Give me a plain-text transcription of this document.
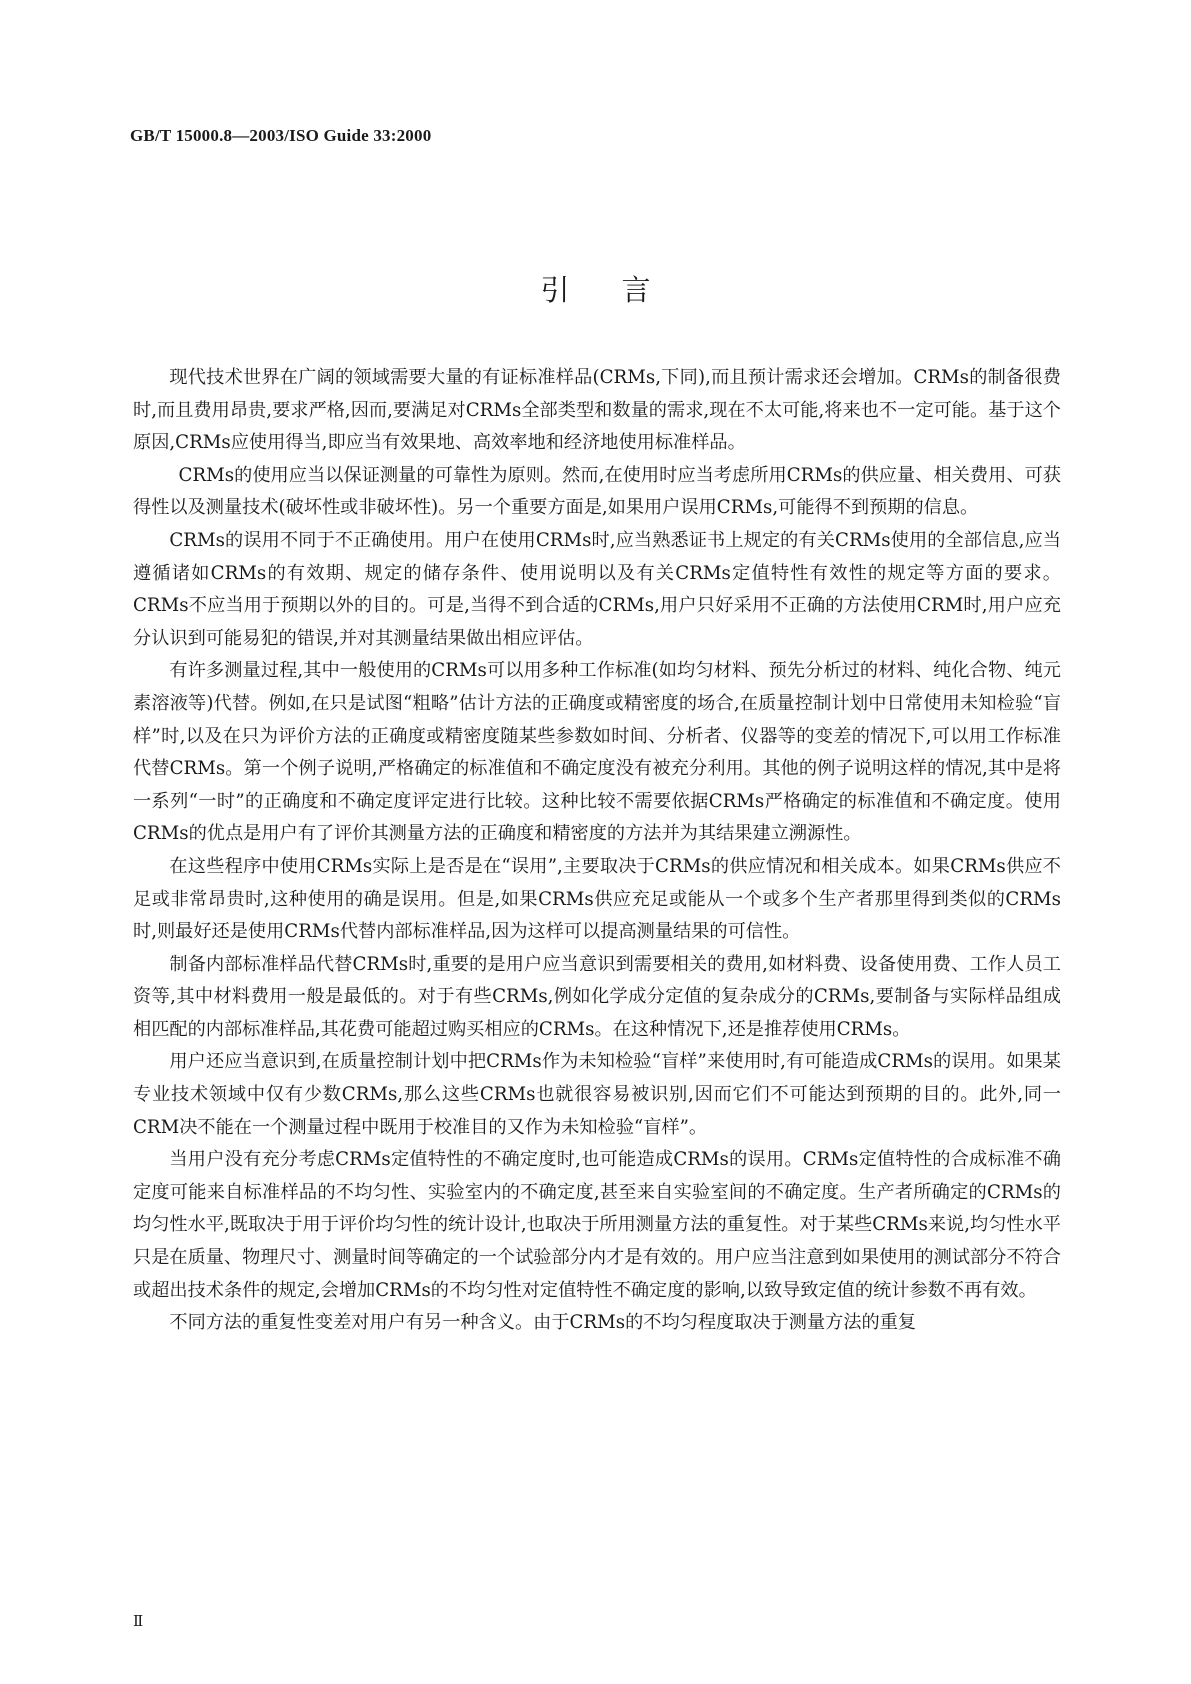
GB/T 15000.8—2003/ISO Guide 33:2000
引言

现代技术世界在广阔的领域需要大量的有证标准样品(CRMs,下同),而且预计需求还会增加。CRMs的制备很费时,而且费用昂贵,要求严格,因而,要满足对CRMs全部类型和数量的需求,现在不太可能,将来也不一定可能。基于这个原因,CRMs应使用得当,即应当有效果地、高效率地和经济地使用标准样品。

CRMs的使用应当以保证测量的可靠性为原则。然而,在使用时应当考虑所用CRMs的供应量、相关费用、可获得性以及测量技术(破坏性或非破坏性)。另一个重要方面是,如果用户误用CRMs,可能得不到预期的信息。

CRMs的误用不同于不正确使用。用户在使用CRMs时,应当熟悉证书上规定的有关CRMs使用的全部信息,应当遵循诸如CRMs的有效期、规定的储存条件、使用说明以及有关CRMs定值特性有效性的规定等方面的要求。CRMs不应当用于预期以外的目的。可是,当得不到合适的CRMs,用户只好采用不正确的方法使用CRM时,用户应充分认识到可能易犯的错误,并对其测量结果做出相应评估。

有许多测量过程,其中一般使用的CRMs可以用多种工作标准(如均匀材料、预先分析过的材料、纯化合物、纯元素溶液等)代替。例如,在只是试图“粗略”估计方法的正确度或精密度的场合,在质量控制计划中日常使用未知检验“盲样”时,以及在只为评价方法的正确度或精密度随某些参数如时间、分析者、仪器等的变差的情况下,可以用工作标准代替CRMs。第一个例子说明,严格确定的标准值和不确定度没有被充分利用。其他的例子说明这样的情况,其中是将一系列“一时”的正确度和不确定度评定进行比较。这种比较不需要依据CRMs严格确定的标准值和不确定度。使用CRMs的优点是用户有了评价其测量方法的正确度和精密度的方法并为其结果建立溯源性。

在这些程序中使用CRMs实际上是否是在“误用”,主要取决于CRMs的供应情况和相关成本。如果CRMs供应不足或非常昂贵时,这种使用的确是误用。但是,如果CRMs供应充足或能从一个或多个生产者那里得到类似的CRMs时,则最好还是使用CRMs代替内部标准样品,因为这样可以提高测量结果的可信性。

制备内部标准样品代替CRMs时,重要的是用户应当意识到需要相关的费用,如材料费、设备使用费、工作人员工资等,其中材料费用一般是最低的。对于有些CRMs,例如化学成分定值的复杂成分的CRMs,要制备与实际样品组成相匹配的内部标准样品,其花费可能超过购买相应的CRMs。在这种情况下,还是推荐使用CRMs。

用户还应当意识到,在质量控制计划中把CRMs作为未知检验“盲样”来使用时,有可能造成CRMs的误用。如果某专业技术领域中仅有少数CRMs,那么这些CRMs也就很容易被识别,因而它们不可能达到预期的目的。此外,同一CRM决不能在一个测量过程中既用于校准目的又作为未知检验“盲样”。

当用户没有充分考虑CRMs定值特性的不确定度时,也可能造成CRMs的误用。CRMs定值特性的合成标准不确定度可能来自标准样品的不均匀性、实验室内的不确定度,甚至来自实验室间的不确定度。生产者所确定的CRMs的均匀性水平,既取决于用于评价均匀性的统计设计,也取决于所用测量方法的重复性。对于某些CRMs来说,均匀性水平只是在质量、物理尺寸、测量时间等确定的一个试验部分内才是有效的。用户应当注意到如果使用的测试部分不符合或超出技术条件的规定,会增加CRMs的不均匀性对定值特性不确定度的影响,以致导致定值的统计参数不再有效。

不同方法的重复性变差对用户有另一种含义。由于CRMs的不均匀程度取决于测量方法的重复

Ⅱ
